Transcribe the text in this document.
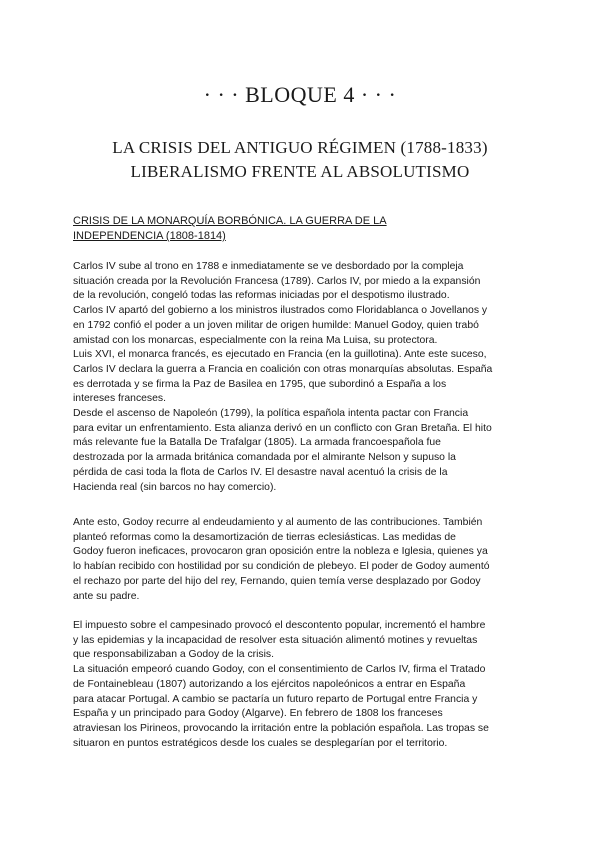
· · · BLOQUE 4 · · ·
LA CRISIS DEL ANTIGUO RÉGIMEN (1788-1833)
LIBERALISMO FRENTE AL ABSOLUTISMO
CRISIS DE LA MONARQUÍA BORBÓNICA. LA GUERRA DE LA
INDEPENDENCIA (1808-1814)
Carlos IV sube al trono en 1788 e inmediatamente se ve desbordado por la compleja
situación creada por la Revolución Francesa (1789). Carlos IV, por miedo a la expansión
de la revolución, congeló todas las reformas iniciadas por el despotismo ilustrado.
Carlos IV apartó del gobierno a los ministros ilustrados como Floridablanca o Jovellanos y
en 1792 confió el poder a un joven militar de origen humilde: Manuel Godoy, quien trabó
amistad con los monarcas, especialmente con la reina Ma Luisa, su protectora.
Luis XVI, el monarca francés, es ejecutado en Francia (en la guillotina). Ante este suceso,
Carlos IV declara la guerra a Francia en coalición con otras monarquías absolutas. España
es derrotada y se firma la Paz de Basilea en 1795, que subordinó a España a los
intereses franceses.
Desde el ascenso de Napoleón (1799), la política española intenta pactar con Francia
para evitar un enfrentamiento. Esta alianza derivó en un conflicto con Gran Bretaña. El hito
más relevante fue la Batalla De Trafalgar (1805). La armada francoespañola fue
destrozada por la armada británica comandada por el almirante Nelson y supuso la
pérdida de casi toda la flota de Carlos IV. El desastre naval acentuó la crisis de la
Hacienda real (sin barcos no hay comercio).
Ante esto, Godoy recurre al endeudamiento y al aumento de las contribuciones. También
planteó reformas como la desamortización de tierras eclesiásticas. Las medidas de
Godoy fueron ineficaces, provocaron gran oposición entre la nobleza e Iglesia, quienes ya
lo habían recibido con hostilidad por su condición de plebeyo. El poder de Godoy aumentó
el rechazo por parte del hijo del rey, Fernando, quien temía verse desplazado por Godoy
ante su padre.
El impuesto sobre el campesinado provocó el descontento popular, incrementó el hambre
y las epidemias y la incapacidad de resolver esta situación alimentó motines y revueltas
que responsabilizaban a Godoy de la crisis.
La situación empeoró cuando Godoy, con el consentimiento de Carlos IV, firma el Tratado
de Fontainebleau (1807) autorizando a los ejércitos napoleónicos a entrar en España
para atacar Portugal. A cambio se pactaría un futuro reparto de Portugal entre Francia y
España y un principado para Godoy (Algarve). En febrero de 1808 los franceses
atraviesan los Pirineos, provocando la irritación entre la población española. Las tropas se
situaron en puntos estratégicos desde los cuales se desplegarían por el territorio.
